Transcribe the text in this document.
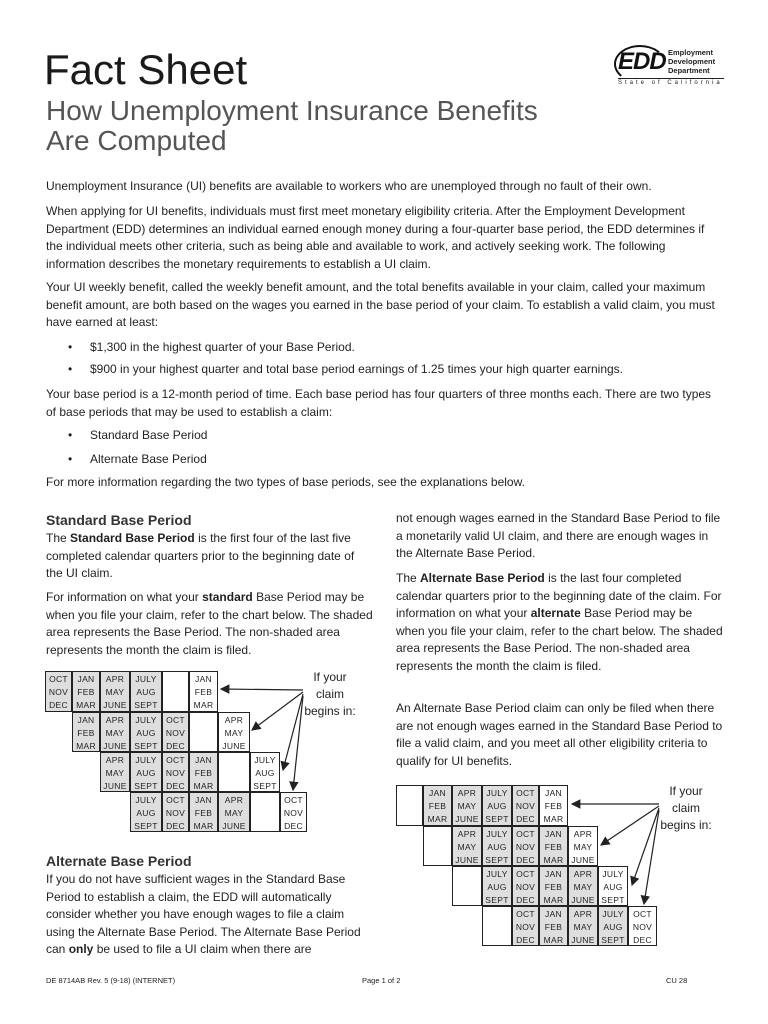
Fact Sheet
How Unemployment Insurance Benefits
Are Computed
EDD Employment
Development
Department
State of California

Unemployment Insurance (UI) benefits are available to workers who are unemployed through no fault of their own.

When applying for UI benefits, individuals must first meet monetary eligibility criteria. After the Employment Development Department (EDD) determines an individual earned enough money during a four-quarter base period, the EDD determines if the individual meets other criteria, such as being able and available to work, and actively seeking work. The following information describes the monetary requirements to establish a UI claim.

Your UI weekly benefit, called the weekly benefit amount, and the total benefits available in your claim, called your maximum benefit amount, are both based on the wages you earned in the base period of your claim. To establish a valid claim, you must have earned at least:

• $1,300 in the highest quarter of your Base Period.
• $900 in your highest quarter and total base period earnings of 1.25 times your high quarter earnings.

Your base period is a 12-month period of time. Each base period has four quarters of three months each. There are two types of base periods that may be used to establish a claim:

• Standard Base Period
• Alternate Base Period

For more information regarding the two types of base periods, see the explanations below.

Standard Base Period

The Standard Base Period is the first four of the last five completed calendar quarters prior to the beginning date of the UI claim.

For information on what your standard Base Period may be when you file your claim, refer to the chart below. The shaded area represents the Base Period. The non-shaded area represents the month the claim is filed.

OCT
NOV
DEC
JAN
FEB
MAR
APR
MAY
JUNE
JULY
AUG
SEPT
JAN
FEB
MAR
JAN
FEB
MAR
APR
MAY
JUNE
JULY
AUG
SEPT
OCT
NOV
DEC
APR
MAY
JUNE
APR
MAY
JUNE
JULY
AUG
SEPT
OCT
NOV
DEC
JAN
FEB
MAR
JULY
AUG
SEPT
JULY
AUG
SEPT
OCT
NOV
DEC
JAN
FEB
MAR
APR
MAY
JUNE
OCT
NOV
DEC
If your claim begins in:
Alternate Base Period

If you do not have sufficient wages in the Standard Base Period to establish a claim, the EDD will automatically consider whether you have enough wages to file a claim using the Alternate Base Period. The Alternate Base Period can only be used to file a UI claim when there are

not enough wages earned in the Standard Base Period to file a monetarily valid UI claim, and there are enough wages in the Alternate Base Period.

The Alternate Base Period is the last four completed calendar quarters prior to the beginning date of the claim. For information on what your alternate Base Period may be when you file your claim, refer to the chart below. The shaded area represents the Base Period. The non-shaded area represents the month the claim is filed.

An Alternate Base Period claim can only be filed when there are not enough wages earned in the Standard Base Period to file a valid claim, and you meet all other eligibility criteria to qualify for UI benefits.

JAN
FEB
MAR
APR
MAY
JUNE
JULY
AUG
SEPT
OCT
NOV
DEC
JAN
FEB
MAR
APR
MAY
JUNE
JULY
AUG
SEPT
OCT
NOV
DEC
JAN
FEB
MAR
APR
MAY
JUNE
JULY
AUG
SEPT
OCT
NOV
DEC
JAN
FEB
MAR
APR
MAY
JUNE
JULY
AUG
SEPT
OCT
NOV
DEC
JAN
FEB
MAR
APR
MAY
JUNE
JULY
AUG
SEPT
OCT
NOV
DEC
If your claim begins in:
DE 8714AB Rev. 5 (9-18) (INTERNET)	Page 1 of 2	CU 28
